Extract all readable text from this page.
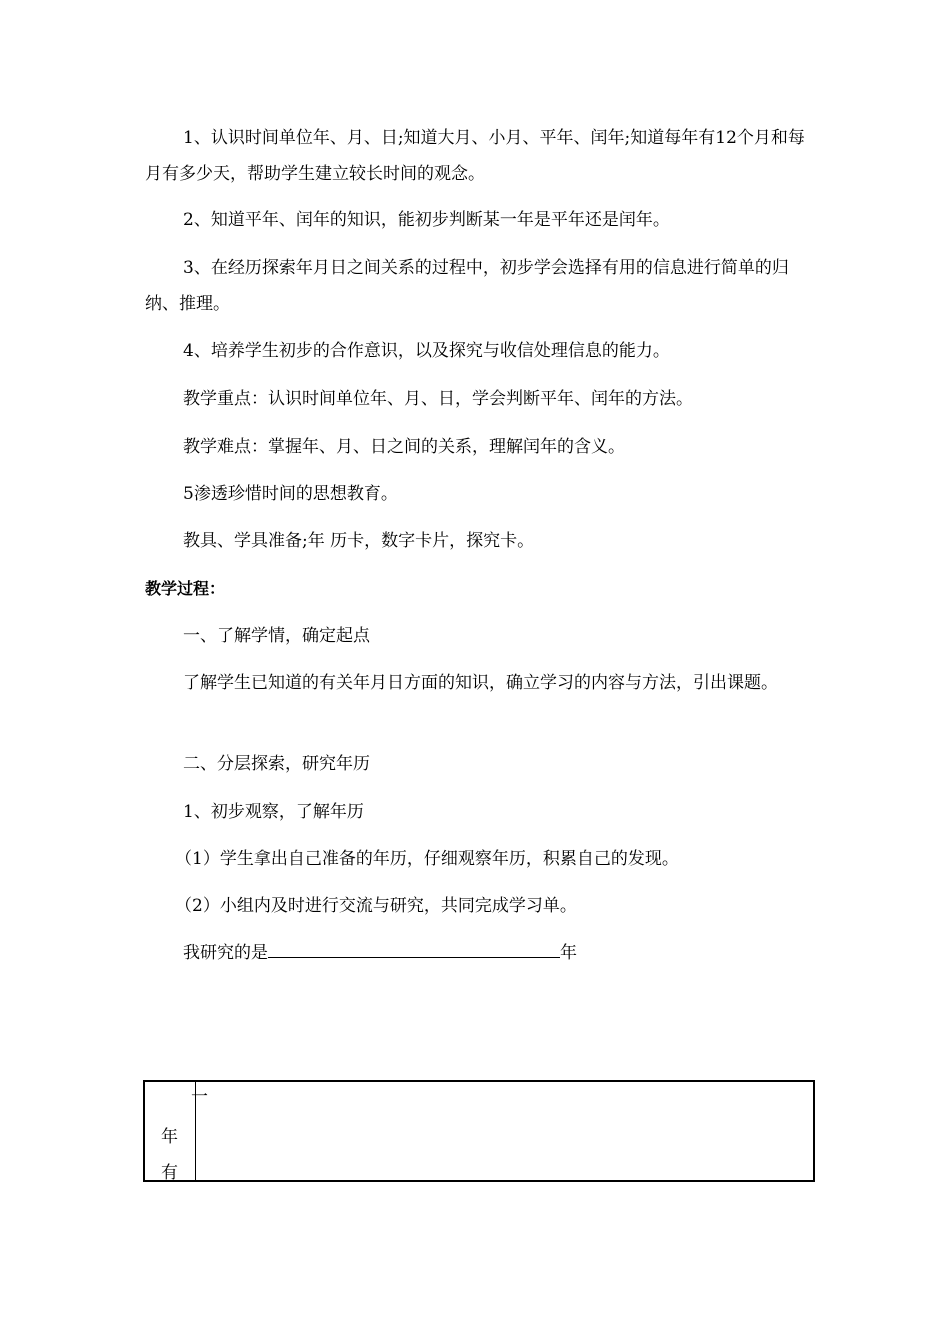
1、认识时间单位年、月、日;知道大月、小月、平年、闰年;知道每年有12个月和每月有多少天，帮助学生建立较长时间的观念。

2、知道平年、闰年的知识，能初步判断某一年是平年还是闰年。

3、在经历探索年月日之间关系的过程中，初步学会选择有用的信息进行简单的归纳、推理。

4、培养学生初步的合作意识，以及探究与收信处理信息的能力。

教学重点：认识时间单位年、月、日，学会判断平年、闰年的方法。

教学难点：掌握年、月、日之间的关系，理解闰年的含义。

5渗透珍惜时间的思想教育。

教具、学具准备;年 历卡，数字卡片，探究卡。

教学过程：

一、了解学情，确定起点

了解学生已知道的有关年月日方面的知识，确立学习的内容与方法，引出课题。

二、分层探索，研究年历

1、初步观察，了解年历

（1）学生拿出自己准备的年历，仔细观察年历，积累自己的发现。

（2）小组内及时进行交流与研究，共同完成学习单。

我研究的是	年

一
年
有
